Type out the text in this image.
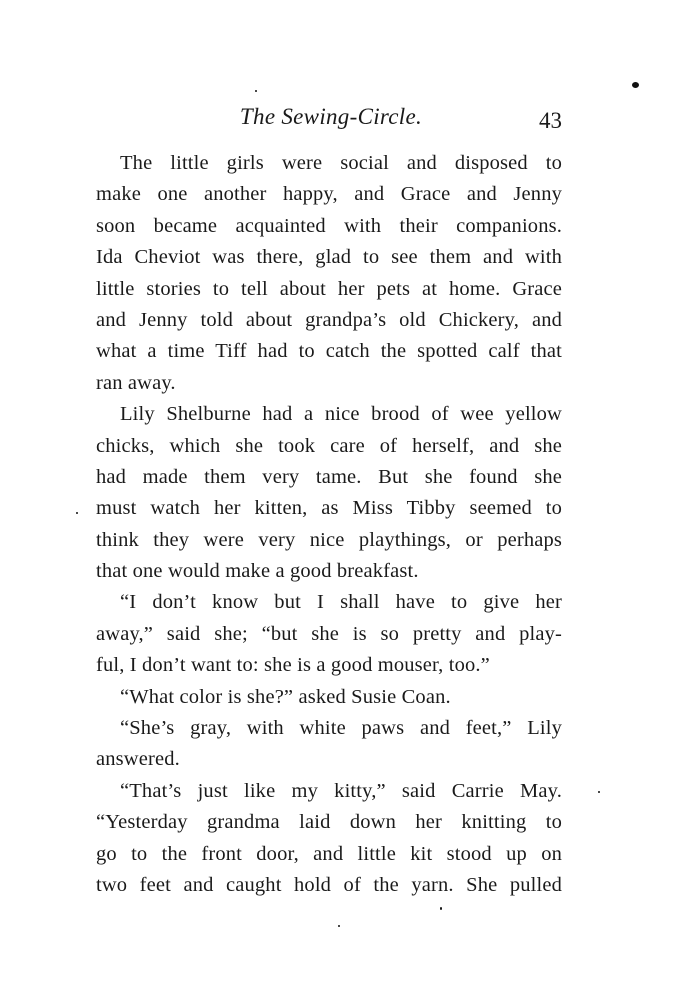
The Sewing-Circle.	43
The little girls were social and disposed to
make one another happy, and Grace and Jenny
soon became acquainted with their companions.
Ida Cheviot was there, glad to see them and with
little stories to tell about her pets at home. Grace
and Jenny told about grandpa’s old Chickery, and
what a time Tiff had to catch the spotted calf that
ran away.
Lily Shelburne had a nice brood of wee yellow
chicks, which she took care of herself, and she
had made them very tame. But she found she
must watch her kitten, as Miss Tibby seemed to
think they were very nice playthings, or perhaps
that one would make a good breakfast.
“I don’t know but I shall have to give her
away,” said she; “but she is so pretty and play-
ful, I don’t want to: she is a good mouser, too.”
“What color is she?” asked Susie Coan.
“She’s gray, with white paws and feet,” Lily
answered.
“That’s just like my kitty,” said Carrie May.
“Yesterday grandma laid down her knitting to
go to the front door, and little kit stood up on
two feet and caught hold of the yarn. She pulled
